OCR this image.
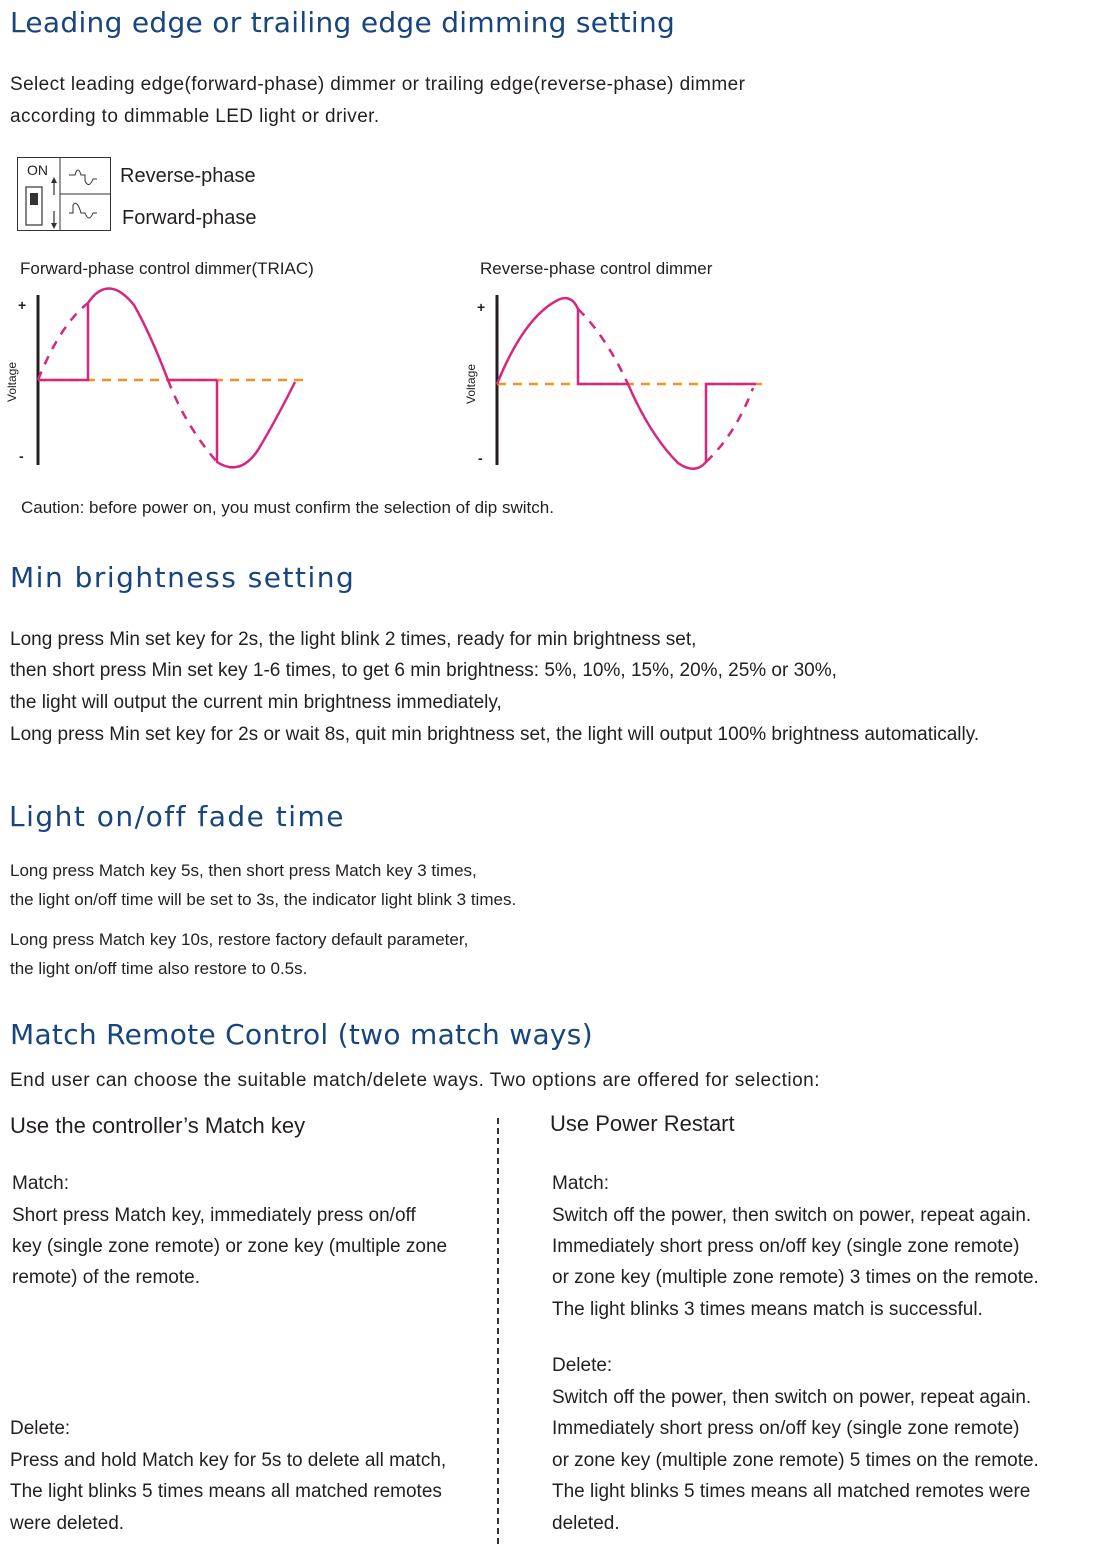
Leading edge or trailing edge dimming setting
Select leading edge(forward-phase) dimmer or trailing edge(reverse-phase) dimmer
according to dimmable LED light or driver.
ON	Reverse-phase
Forward-phase
Forward-phase control dimmer(TRIAC)
+
-
Voltage
Reverse-phase control dimmer
+
-
Voltage
Caution: before power on, you must confirm the selection of dip switch.
Min brightness setting
Long press Min set key for 2s, the light blink 2 times, ready for min brightness set,
then short press Min set key 1-6 times, to get 6 min brightness: 5%, 10%, 15%, 20%, 25% or 30%,
the light will output the current min brightness immediately,
Long press Min set key for 2s or wait 8s, quit min brightness set, the light will output 100% brightness automatically.
Light on/off fade time
Long press Match key 5s, then short press Match key 3 times,
the light on/off time will be set to 3s, the indicator light blink 3 times.
Long press Match key 10s, restore factory default parameter,
the light on/off time also restore to 0.5s.
Match Remote Control (two match ways)
End user can choose the suitable match/delete ways. Two options are offered for selection:
Use the controller’s Match key
Match:
Short press Match key, immediately press on/off
key (single zone remote) or zone key (multiple zone
remote) of the remote.
Delete:
Press and hold Match key for 5s to delete all match,
The light blinks 5 times means all matched remotes
were deleted.
Use Power Restart
Match:
Switch off the power, then switch on power, repeat again.
Immediately short press on/off key (single zone remote)
or zone key (multiple zone remote) 3 times on the remote.
The light blinks 3 times means match is successful.
Delete:
Switch off the power, then switch on power, repeat again.
Immediately short press on/off key (single zone remote)
or zone key (multiple zone remote) 5 times on the remote.
The light blinks 5 times means all matched remotes were
deleted.
